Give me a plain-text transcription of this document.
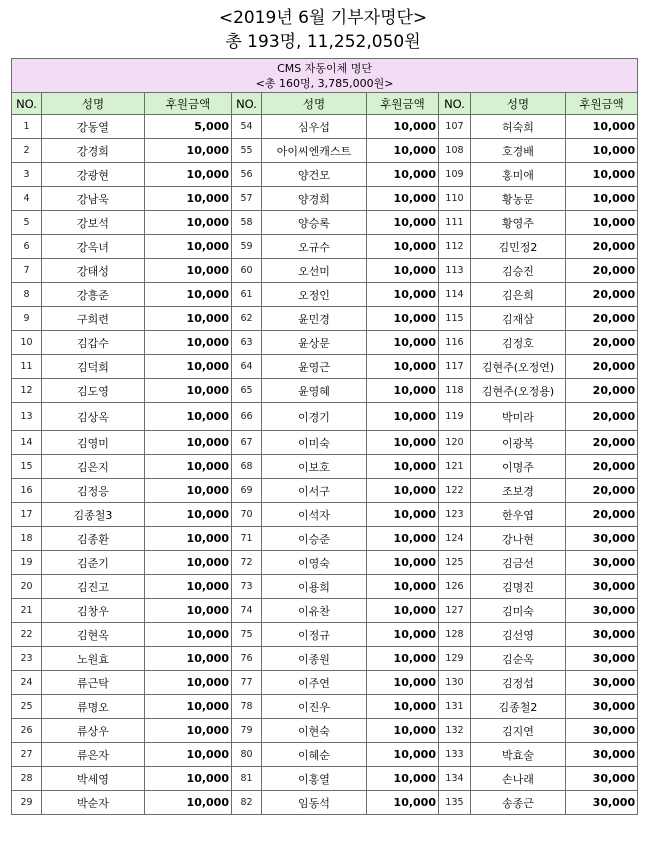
<2019년 6월 기부자명단>
총 193명, 11,252,050원
CMS 자동이체 명단
<총 160명, 3,785,000원>								

NO.	성명	후원금액	NO.	성명	후원금액	NO.	성명	후원금액
1	강동열	5,000	54	심우섭	10,000	107	허숙희	10,000
2	강경희	10,000	55	아이씨엔캐스트	10,000	108	호경배	10,000
3	강광현	10,000	56	양건모	10,000	109	홍미애	10,000
4	강남욱	10,000	57	양경희	10,000	110	황농문	10,000
5	강보석	10,000	58	양승록	10,000	111	황영주	10,000
6	강옥녀	10,000	59	오규수	10,000	112	김민정2	20,000
7	강태성	10,000	60	오선미	10,000	113	김승진	20,000
8	강흥준	10,000	61	오정인	10,000	114	김은희	20,000
9	구희련	10,000	62	윤민경	10,000	115	김재삼	20,000
10	김갑수	10,000	63	윤상문	10,000	116	김정호	20,000
11	김덕희	10,000	64	윤영근	10,000	117	김현주(오정연)	20,000
12	김도영	10,000	65	윤영혜	10,000	118	김현주(오정용)	20,000
13	김상옥	10,000	66	이경기	10,000	119	박미라	20,000
14	김영미	10,000	67	이미숙	10,000	120	이광복	20,000
15	김은지	10,000	68	이보호	10,000	121	이명주	20,000
16	김정응	10,000	69	이서구	10,000	122	조보경	20,000
17	김종철3	10,000	70	이석자	10,000	123	한우엽	20,000
18	김종환	10,000	71	이승준	10,000	124	강나현	30,000
19	김준기	10,000	72	이영숙	10,000	125	김금선	30,000
20	김진고	10,000	73	이용희	10,000	126	김명진	30,000
21	김창우	10,000	74	이유찬	10,000	127	김미숙	30,000
22	김현옥	10,000	75	이정규	10,000	128	김선영	30,000
23	노원효	10,000	76	이종원	10,000	129	김순옥	30,000
24	류근탁	10,000	77	이주연	10,000	130	김정섭	30,000
25	류명오	10,000	78	이진우	10,000	131	김종철2	30,000
26	류상우	10,000	79	이현숙	10,000	132	김지연	30,000
27	류은자	10,000	80	이혜순	10,000	133	박효술	30,000
28	박세영	10,000	81	이홍열	10,000	134	손나래	30,000
29	박순자	10,000	82	임동석	10,000	135	송종근	30,000
